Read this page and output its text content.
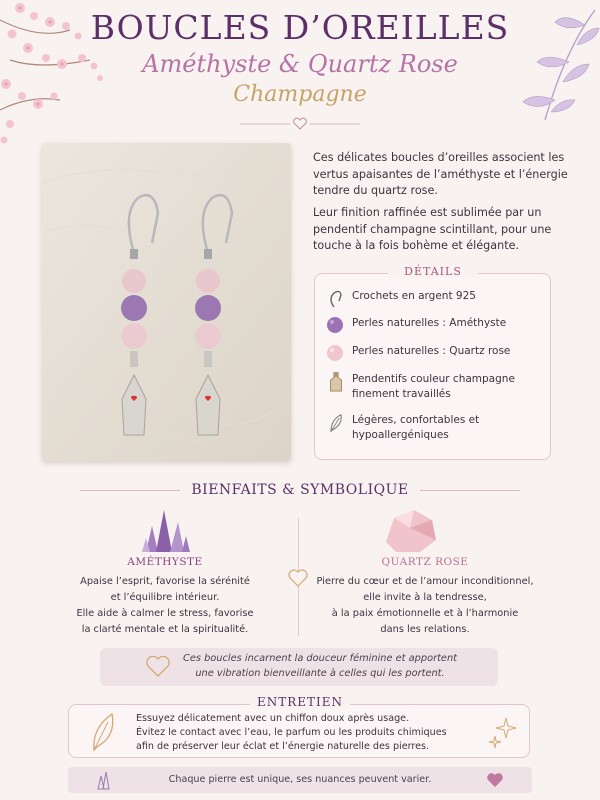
BOUCLES D’OREILLES
Améthyste & Quartz Rose
Champagne
Ces délicates boucles d’oreilles associent les vertus apaisantes de l’améthyste et l’énergie tendre du quartz rose.
Leur finition raffinée est sublimée par un pendentif champagne scintillant, pour une touche à la fois bohème et élégante.
DÉTAILS
Crochets en argent 925
Perles naturelles : Améthyste
Perles naturelles : Quartz rose
Pendentifs couleur champagne finement travaillés
Légères, confortables et hypoallergéniques
BIENFAITS & SYMBOLIQUE
AMÉTHYSTE
Apaise l’esprit, favorise la sérénité
et l’équilibre intérieur.
Elle aide à calmer le stress, favorise
la clarté mentale et la spiritualité.
QUARTZ ROSE
Pierre du cœur et de l’amour inconditionnel,
elle invite à la tendresse,
à la paix émotionnelle et à l’harmonie
dans les relations.
Ces boucles incarnent la douceur féminine et apportent
une vibration bienveillante à celles qui les portent.
ENTRETIEN
Essuyez délicatement avec un chiffon doux après usage.
Évitez le contact avec l’eau, le parfum ou les produits chimiques
afin de préserver leur éclat et l’énergie naturelle des pierres.
Chaque pierre est unique, ses nuances peuvent varier.
